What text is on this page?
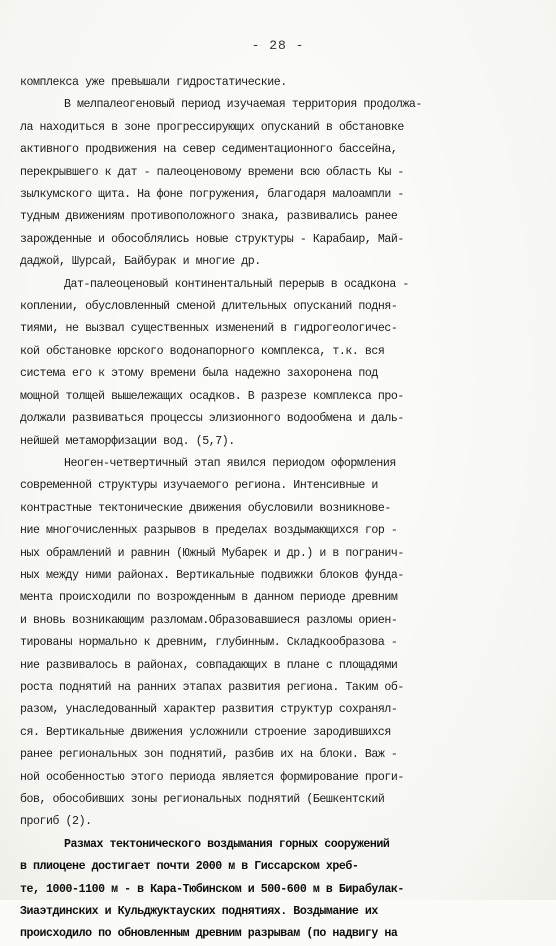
- 28 -
комплекса уже превышали гидростатические.
В мелпалеогеновый период изучаемая территория продолжа-
ла находиться в зоне прогрессирующих опусканий в обстановке
активного продвижения на север седиментационного бассейна,
перекрывшего к дат - палеоценовому времени всю область Кы -
зылкумского щита. На фоне погружения, благодаря малоампли -
тудным движениям противоположного знака, развивались ранее
зарожденные и обособлялись новые структуры - Карабаир, Май-
даджой, Шурсай, Байбурак и многие др.
Дат-палеоценовый континентальный перерыв в осадкона -
коплении, обусловленный сменой длительных опусканий подня-
тиями, не вызвал существенных изменений в гидрогеологичес-
кой обстановке юрского водонапорного комплекса, т.к. вся
система его к этому времени была надежно захоронена под
мощной толщей вышележащих осадков. В разрезе комплекса про-
должали развиваться процессы элизионного водообмена и даль-
нейшей метаморфизации вод. (5,7).
Неоген-четвертичный этап явился периодом оформления
современной структуры изучаемого региона. Интенсивные и
контрастные тектонические движения обусловили возникнове-
ние многочисленных разрывов в пределах воздымающихся гор -
ных обрамлений и равнин (Южный Мубарек и др.) и в погранич-
ных между ними районах. Вертикальные подвижки блоков фунда-
мента происходили по возрожденным в данном периоде древним
и вновь возникающим разломам.Образовавшиеся разломы ориен-
тированы нормально к древним, глубинным. Складкообразова -
ние развивалось в районах, совпадающих в плане с площадями
роста поднятий на ранних этапах развития региона. Таким об-
разом, унаследованный характер развития структур сохранял-
ся. Вертикальные движения усложнили строение зародившихся
ранее региональных зон поднятий, разбив их на блоки. Важ -
ной особенностью этого периода является формирование проги-
бов, обособивших зоны региональных поднятий (Бешкентский
прогиб (2).
Размах тектонического воздымания горных сооружений
в плиоцене достигает почти 2000 м в Гиссарском хреб-
те, 1000-1100 м - в Кара-Тюбинском и 500-600 м в Бирабулак-
Зиаэтдинских и Кульджуктауских поднятиях. Воздымание их
происходило по обновленным древним разрывам (по надвигу на
